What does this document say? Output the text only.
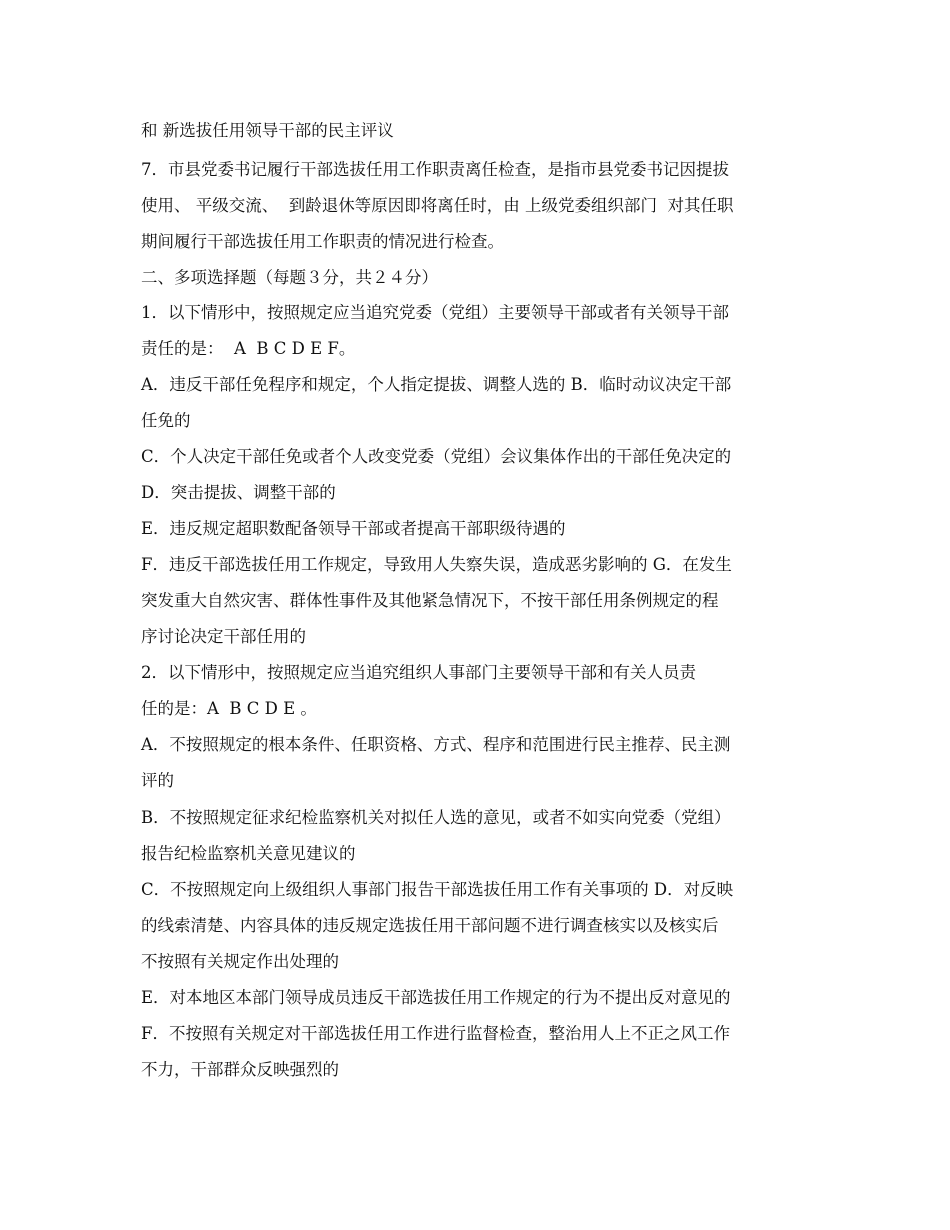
和 新选拔任用领导干部的民主评议
7．市县党委书记履行干部选拔任用工作职责离任检查，是指市县党委书记因提拔
使用、 平级交流、  到龄退休等原因即将离任时，由 上级党委组织部门  对其任职
期间履行干部选拔任用工作职责的情况进行检查。
二、多项选择题（每题３分，共２４分）
1．以下情形中，按照规定应当追究党委（党组）主要领导干部或者有关领导干部
责任的是：  A  B C D E F。
A．违反干部任免程序和规定，个人指定提拔、调整人选的 B．临时动议决定干部
任免的
C．个人决定干部任免或者个人改变党委（党组）会议集体作出的干部任免决定的
D．突击提拔、调整干部的
E．违反规定超职数配备领导干部或者提高干部职级待遇的
F．违反干部选拔任用工作规定，导致用人失察失误，造成恶劣影响的 G．在发生
突发重大自然灾害、群体性事件及其他紧急情况下，不按干部任用条例规定的程
序讨论决定干部任用的
2．以下情形中，按照规定应当追究组织人事部门主要领导干部和有关人员责
任的是：A  B C D E 。
A．不按照规定的根本条件、任职资格、方式、程序和范围进行民主推荐、民主测
评的
B．不按照规定征求纪检监察机关对拟任人选的意见，或者不如实向党委（党组）
报告纪检监察机关意见建议的
C．不按照规定向上级组织人事部门报告干部选拔任用工作有关事项的 D．对反映
的线索清楚、内容具体的违反规定选拔任用干部问题不进行调查核实以及核实后
不按照有关规定作出处理的
E．对本地区本部门领导成员违反干部选拔任用工作规定的行为不提出反对意见的
F．不按照有关规定对干部选拔任用工作进行监督检查，整治用人上不正之风工作
不力，干部群众反映强烈的
